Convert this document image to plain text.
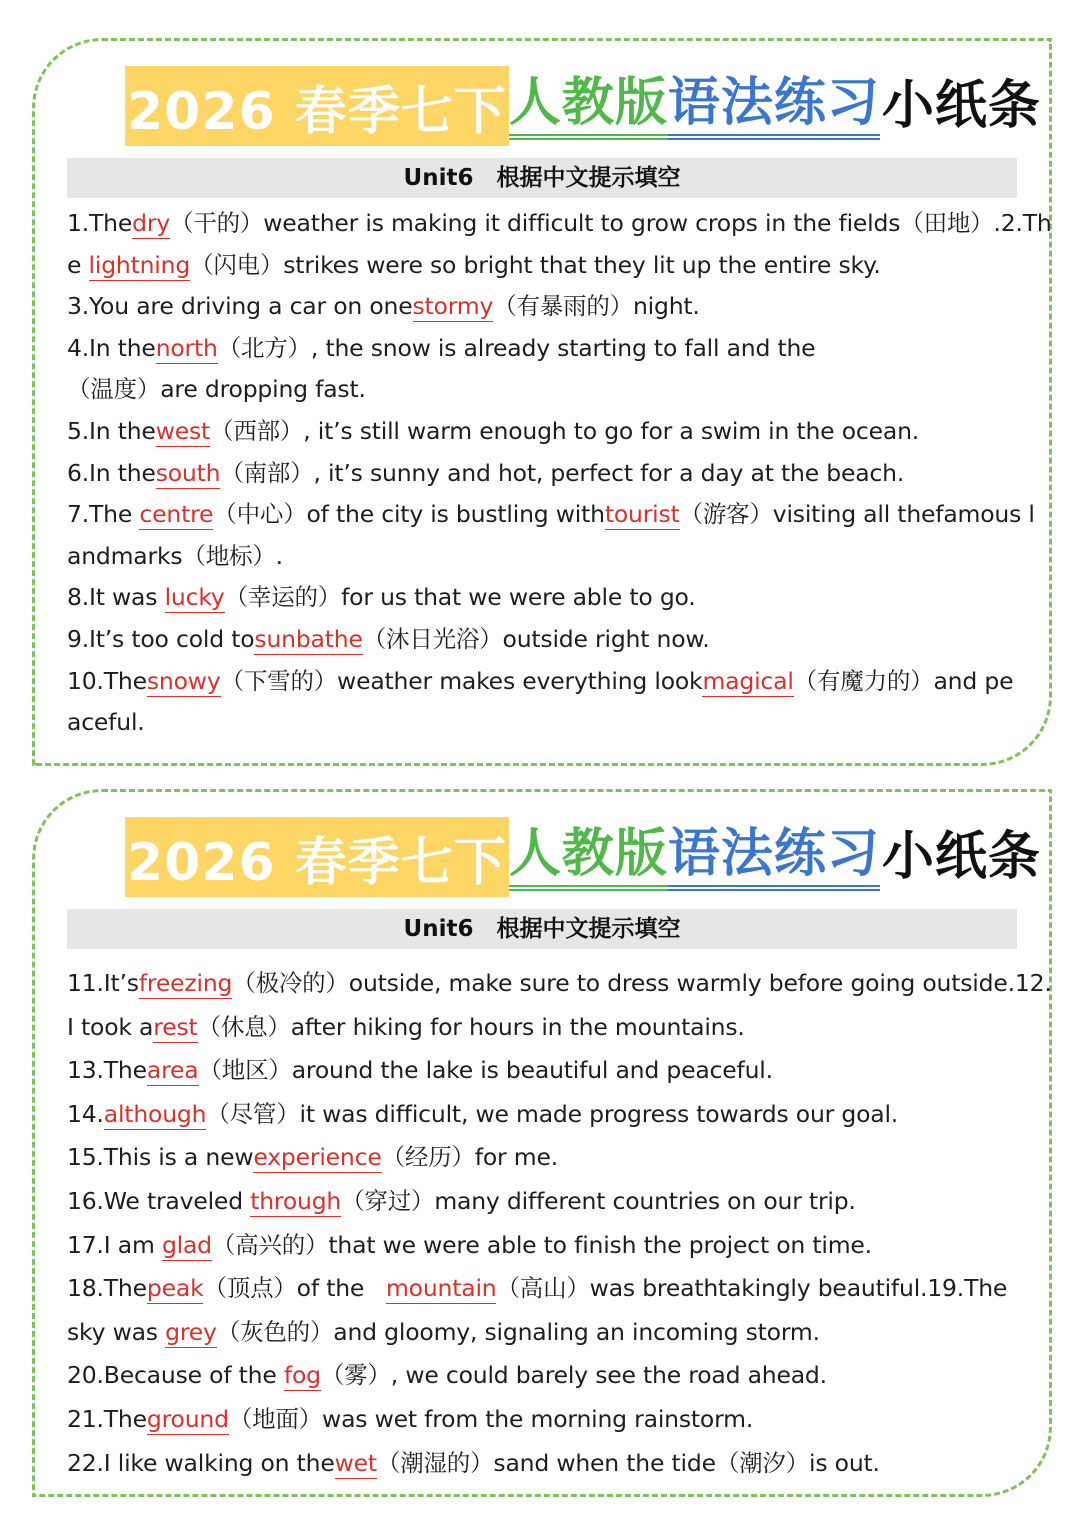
2026 春季七下 人教版 语法练习 小纸条
Unit6　根据中文提示填空
1.Thedry（干的）weather is making it difficult to grow crops in the fields（田地）.2.Th
e lightning（闪电）strikes were so bright that they lit up the entire sky.
3.You are driving a car on onestormy（有暴雨的）night.
4.In thenorth（北方）, the snow is already starting to fall and the
（温度）are dropping fast.
5.In thewest（西部）, it’s still warm enough to go for a swim in the ocean.
6.In thesouth（南部）, it’s sunny and hot, perfect for a day at the beach.
7.The centre（中心）of the city is bustling withtourist（游客）visiting all thefamous l
andmarks（地标）.
8.It was lucky（幸运的）for us that we were able to go.
9.It’s too cold tosunbathe（沐日光浴）outside right now.
10.Thesnowy（下雪的）weather makes everything lookmagical（有魔力的）and pe
aceful.
2026 春季七下 人教版 语法练习 小纸条
Unit6　根据中文提示填空
11.It’sfreezing（极冷的）outside, make sure to dress warmly before going outside.12.
I took arest（休息）after hiking for hours in the mountains.
13.Thearea（地区）around the lake is beautiful and peaceful.
14.although（尽管）it was difficult, we made progress towards our goal.
15.This is a newexperience（经历）for me.
16.We traveled through（穿过）many different countries on our trip.
17.I am glad（高兴的）that we were able to finish the project on time.
18.Thepeak（顶点）of the   mountain（高山）was breathtakingly beautiful.19.The
sky was grey（灰色的）and gloomy, signaling an incoming storm.
20.Because of the fog（雾）, we could barely see the road ahead.
21.Theground（地面）was wet from the morning rainstorm.
22.I like walking on thewet（潮湿的）sand when the tide（潮汐）is out.
